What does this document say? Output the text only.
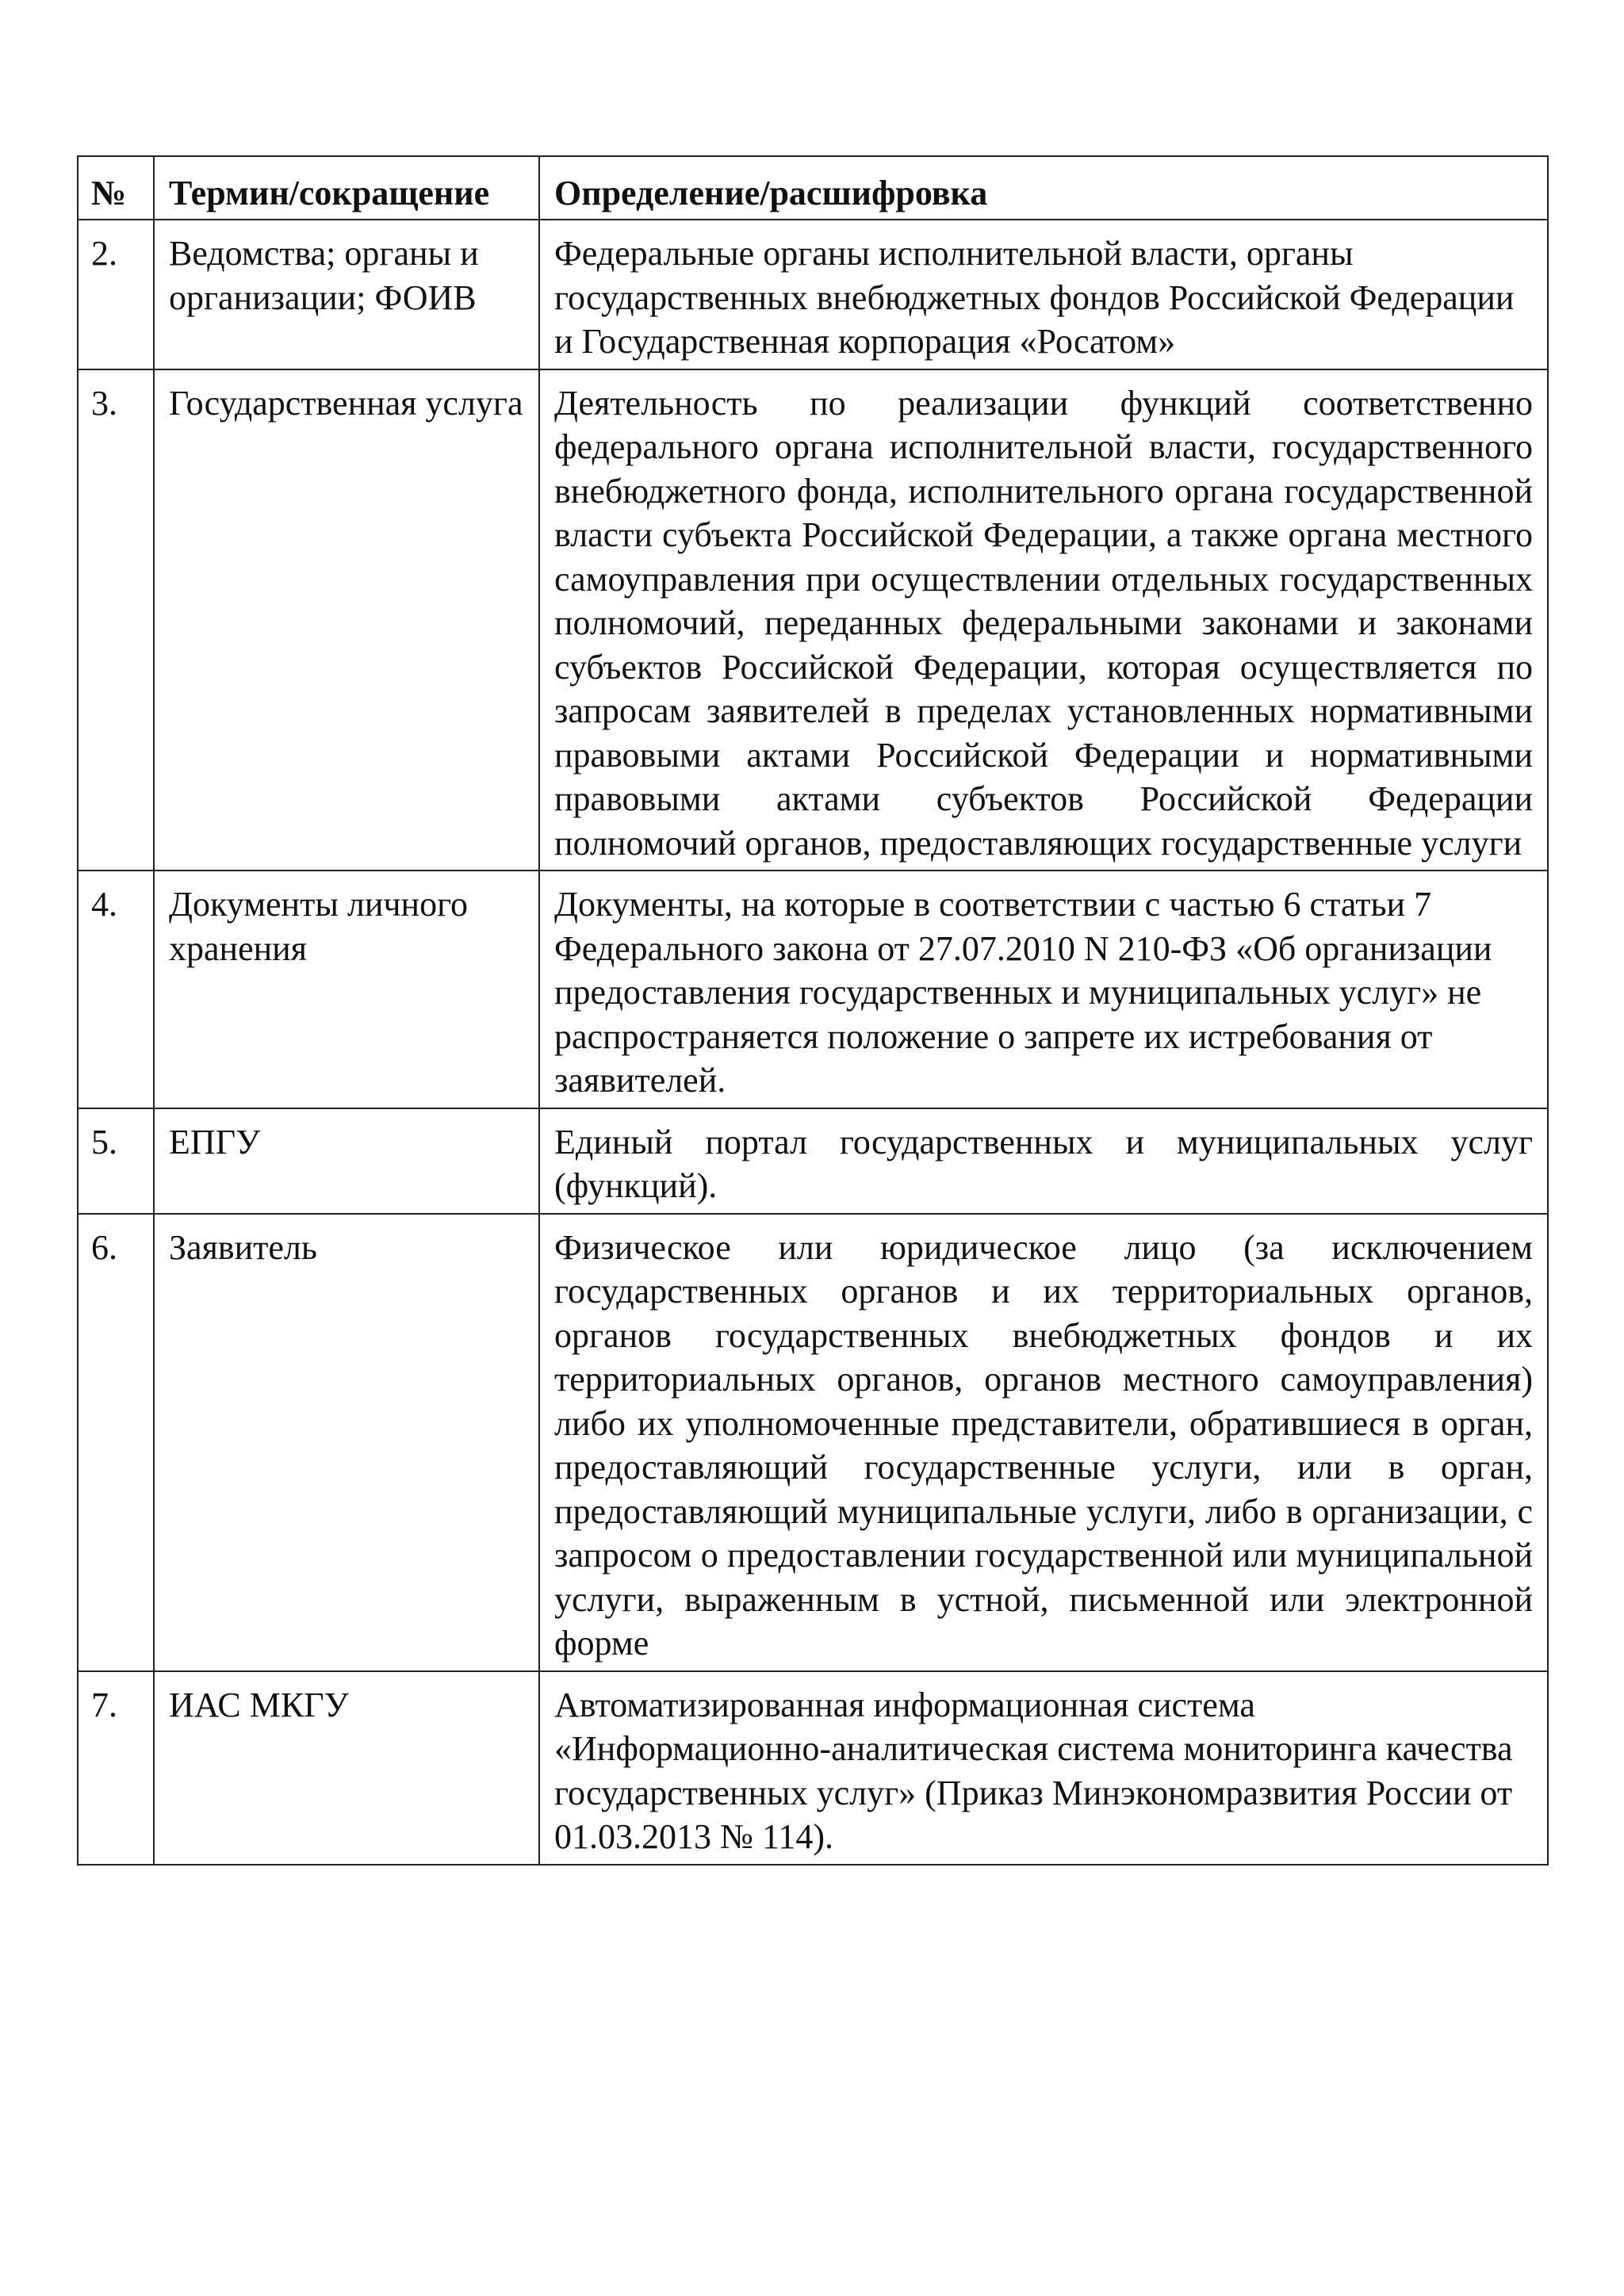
№	Термин/сокращение	Определение/расшифровка
2.	Ведомства; органы и организации; ФОИВ	Федеральные органы исполнительной власти, органы государственных внебюджетных фондов Российской Федерации и Государственная корпорация «Росатом»
3.	Государственная услуга	Деятельность по реализации функций соответственно федерального органа исполнительной власти, государственного внебюджетного фонда, исполнительного органа государственной власти субъекта Российской Федерации, а также органа местного самоуправления при осуществлении отдельных государственных полномочий, переданных федеральными законами и законами субъектов Российской Федерации, которая осуществляется по запросам заявителей в пределах установленных нормативными правовыми актами Российской Федерации и нормативными правовыми актами субъектов Российской Федерации полномочий органов, предоставляющих государственные услуги
4.	Документы личного хранения	Документы, на которые в соответствии с частью 6 статьи 7 Федерального закона от 27.07.2010 N 210-ФЗ «Об организации предоставления государственных и муниципальных услуг» не распространяется положение о запрете их истребования от заявителей.
5.	ЕПГУ	Единый портал государственных и муниципальных услуг (функций).
6.	Заявитель	Физическое или юридическое лицо (за исключением государственных органов и их территориальных органов, органов государственных внебюджетных фондов и их территориальных органов, органов местного самоуправления) либо их уполномоченные представители, обратившиеся в орган, предоставляющий государственные услуги, или в орган, предоставляющий муниципальные услуги, либо в организации, с запросом о предоставлении государственной или муниципальной услуги, выраженным в устной, письменной или электронной форме
7.	ИАС МКГУ	Автоматизированная информационная система «Информационно-аналитическая система мониторинга качества государственных услуг» (Приказ Минэкономразвития России от 01.03.2013 № 114).
